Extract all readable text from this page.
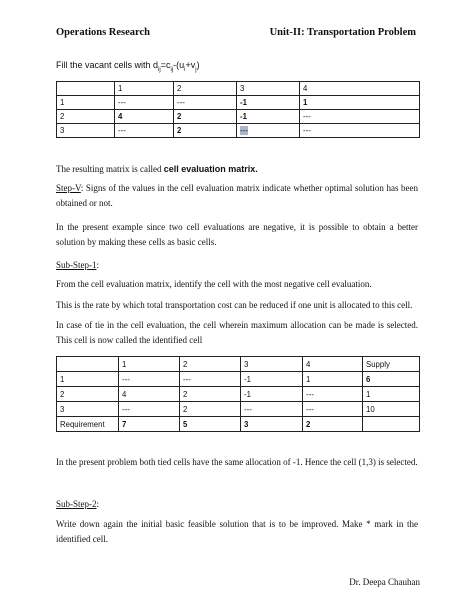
Operations Research	Unit-II: Transportation Problem
Fill the vacant cells with $d_{ij}=c_{ij}-(u_i+v_j)$
	1	2	3	4
1	---	---	-1	1
2	4	2	-1	---
3	---	2	---	---
The resulting matrix is called cell evaluation matrix.
Step-V: Signs of the values in the cell evaluation matrix indicate whether optimal solution has been obtained or not.
In the present example since two cell evaluations are negative, it is possible to obtain a better solution by making these cells as basic cells.
Sub-Step-1:
From the cell evaluation matrix, identify the cell with the most negative cell evaluation.
This is the rate by which total transportation cost can be reduced if one unit is allocated to this cell.
In case of tie in the cell evaluation, the cell wherein maximum allocation can be made is selected. This cell is now called the identified cell
	1	2	3	4	Supply
1	---	---	-1	1	6
2	4	2	-1	---	1
3	---	2	---	---	10
Requirement	7	5	3	2	
In the present problem both tied cells have the same allocation of -1. Hence the cell (1,3) is selected.
Sub-Step-2:
Write down again the initial basic feasible solution that is to be improved. Make * mark in the identified cell.
Dr. Deepa Chauhan
